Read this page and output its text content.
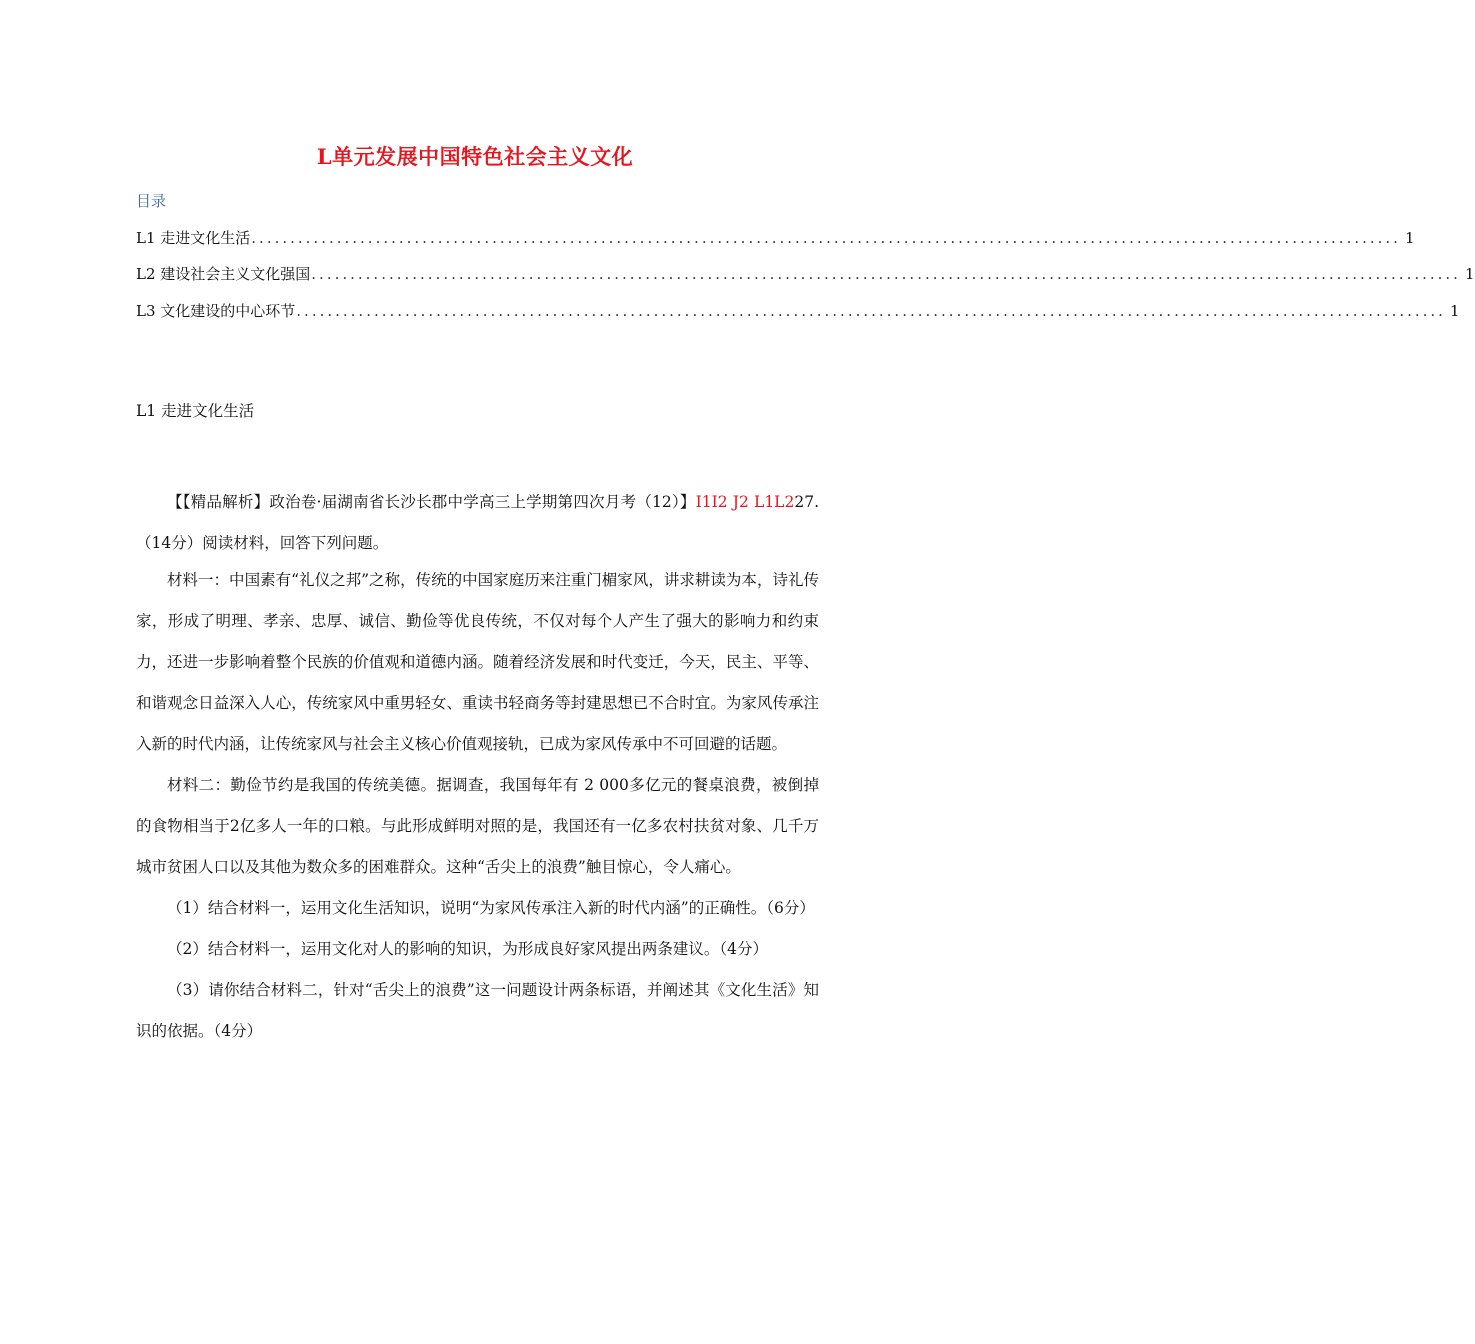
L单元发展中国特色社会主义文化
目录
L1 走进文化生活 .................................................................................................................................................... 1
L2 建设社会主义文化强国 .................................................................................................................................................... 1
L3 文化建设的中心环节 .................................................................................................................................................... 1
L1 走进文化生活

【【精品解析】政治卷·届湖南省长沙长郡中学高三上学期第四次月考（12）】I1I2 J2 L1L227. （14分）阅读材料，回答下列问题。

材料一：中国素有“礼仪之邦”之称，传统的中国家庭历来注重门楣家风，讲求耕读为本，诗礼传家，形成了明理、孝亲、忠厚、诚信、勤俭等优良传统，不仅对每个人产生了强大的影响力和约束力，还进一步影响着整个民族的价值观和道德内涵。随着经济发展和时代变迁，今天，民主、平等、和谐观念日益深入人心，传统家风中重男轻女、重读书轻商务等封建思想已不合时宜。为家风传承注入新的时代内涵，让传统家风与社会主义核心价值观接轨，已成为家风传承中不可回避的话题。

材料二：勤俭节约是我国的传统美德。据调查，我国每年有 2 000多亿元的餐桌浪费，被倒掉的食物相当于2亿多人一年的口粮。与此形成鲜明对照的是，我国还有一亿多农村扶贫对象、几千万城市贫困人口以及其他为数众多的困难群众。这种“舌尖上的浪费”触目惊心，令人痛心。

（1）结合材料一，运用文化生活知识，说明“为家风传承注入新的时代内涵”的正确性。（6分）

（2）结合材料一，运用文化对人的影响的知识，为形成良好家风提出两条建议。（4分）

（3）请你结合材料二，针对“舌尖上的浪费”这一问题设计两条标语，并阐述其《文化生活》知识的依据。（4分）
